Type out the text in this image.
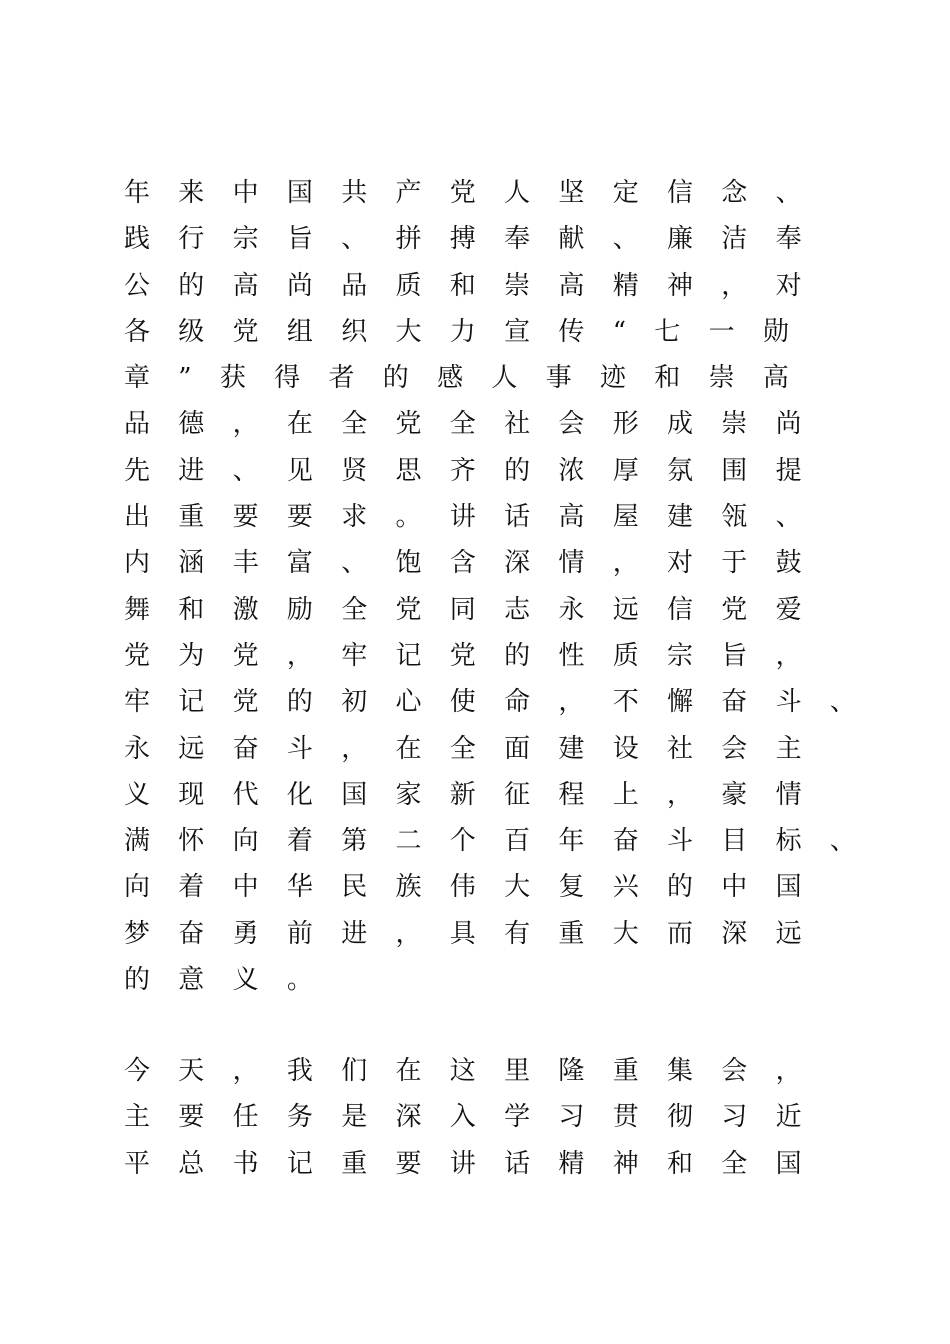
年来中国共产党人坚定信念、
践行宗旨、拼搏奉献、廉洁奉
公的高尚品质和崇高精神，对
各级党组织大力宣传“七一勋
章”获得者的感人事迹和崇高
品德，在全党全社会形成崇尚
先进、见贤思齐的浓厚氛围提
出重要要求。讲话高屋建瓴、
内涵丰富、饱含深情，对于鼓
舞和激励全党同志永远信党爱
党为党，牢记党的性质宗旨，
牢记党的初心使命，不懈奋斗、
永远奋斗，在全面建设社会主
义现代化国家新征程上，豪情
满怀向着第二个百年奋斗目标、
向着中华民族伟大复兴的中国
梦奋勇前进，具有重大而深远
的意义。
今天，我们在这里隆重集会，
主要任务是深入学习贯彻习近
平总书记重要讲话精神和全国
